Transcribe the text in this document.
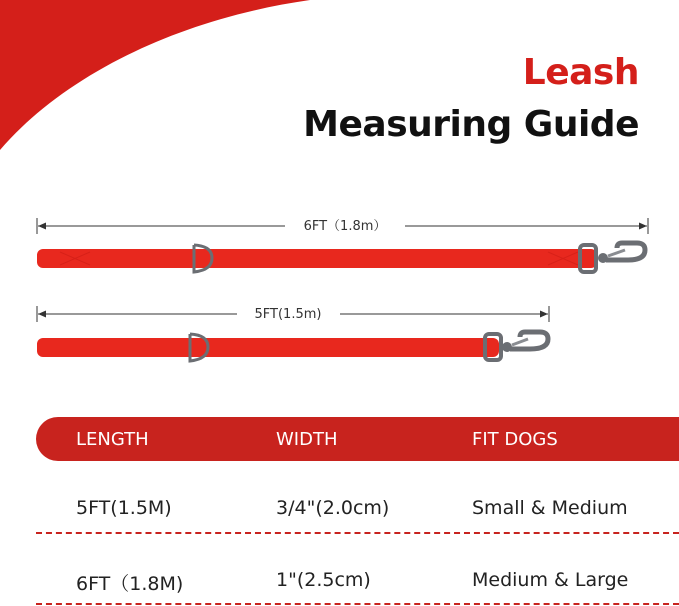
Leash
Measuring Guide
6FT（1.8m）
5FT(1.5m)
LENGTH	WIDTH	FIT DOGS
5FT(1.5M)	3/4"(2.0cm)	Small & Medium
6FT（1.8M)	1"(2.5cm)	Medium & Large
